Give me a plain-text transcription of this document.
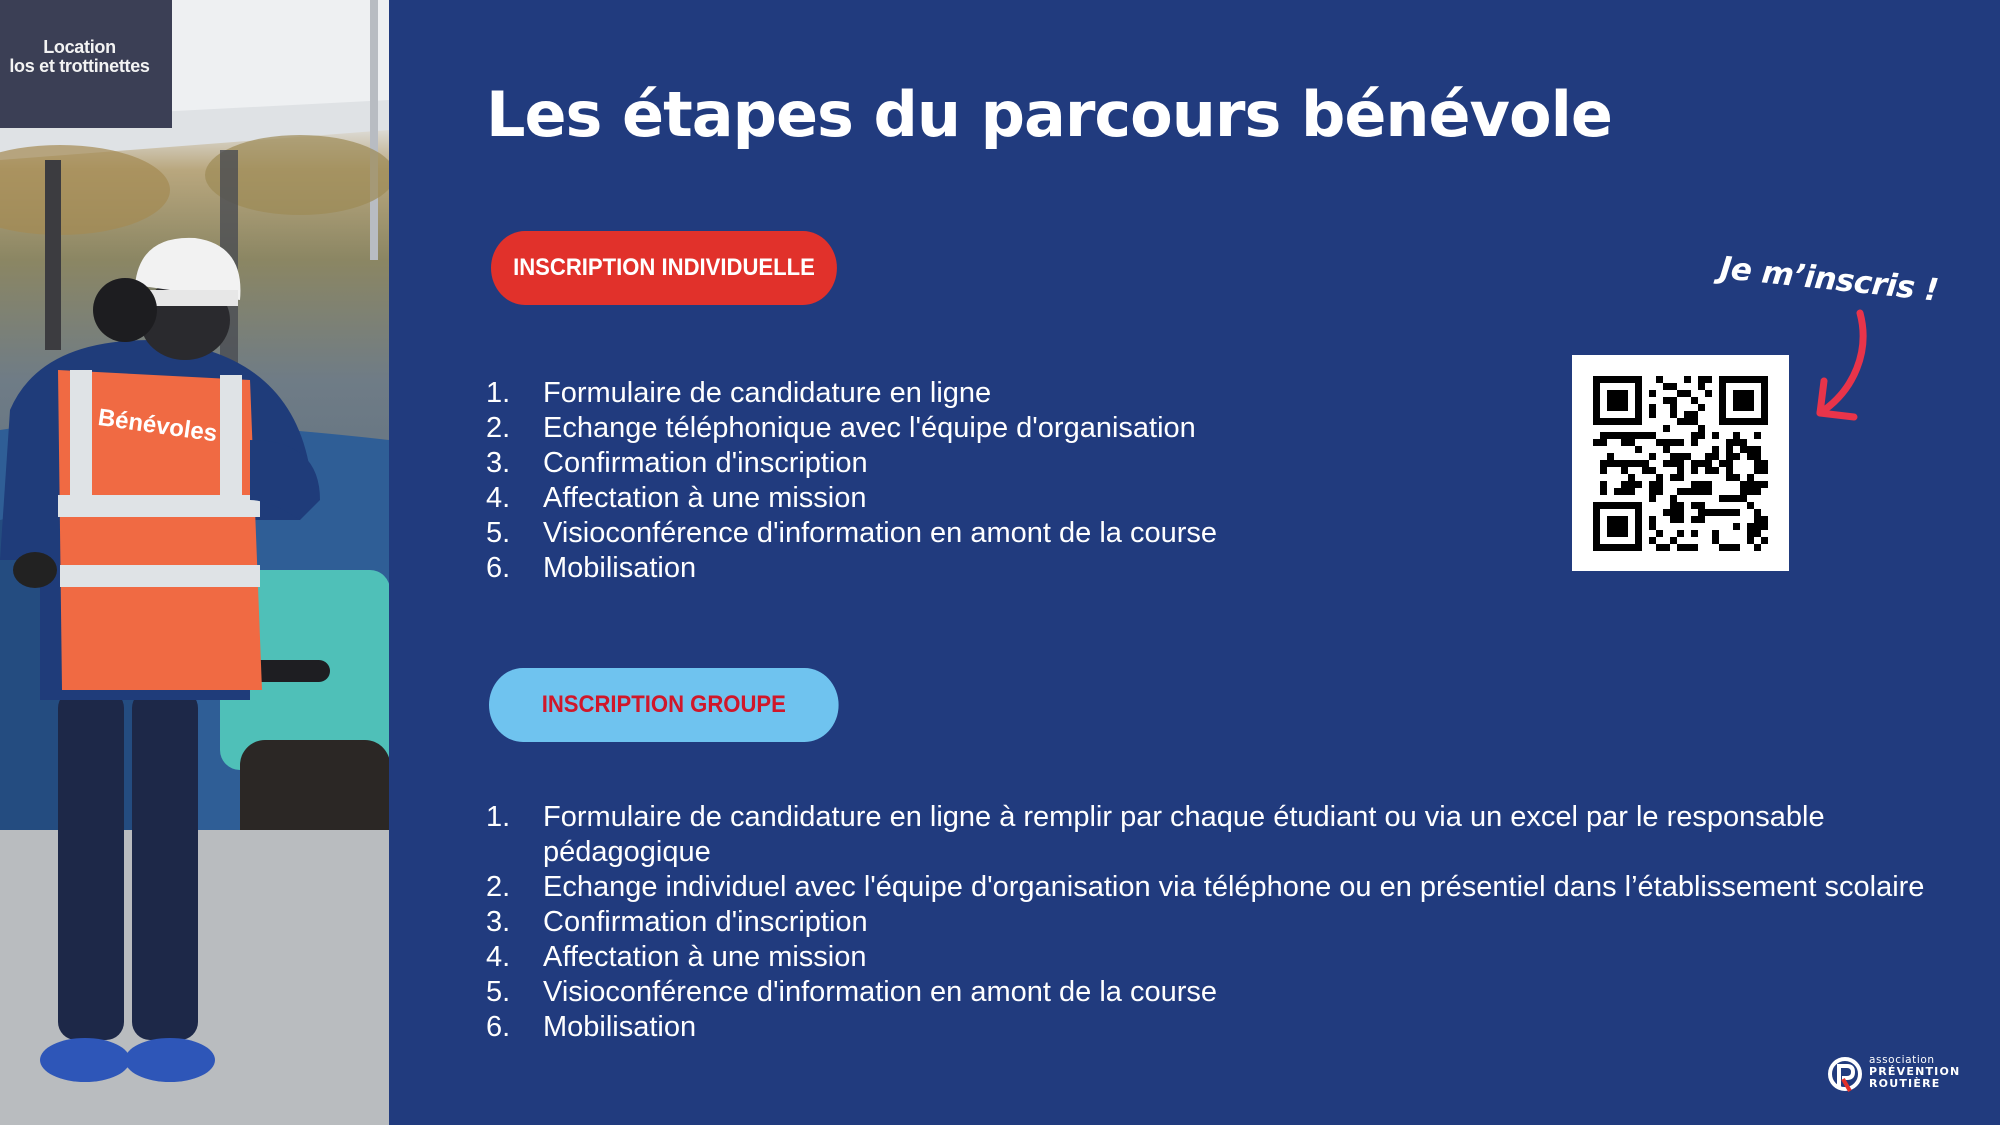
Location
los et trottinettes
Bénévoles
Les étapes du parcours bénévole
INSCRIPTION INDIVIDUELLE
1.	Formulaire de candidature en ligne
2.	Echange téléphonique avec l'équipe d'organisation
3.	Confirmation d'inscription
4.	Affectation à une mission
5.	Visioconférence d'information en amont de la course
6.	Mobilisation
INSCRIPTION GROUPE
1.	Formulaire de candidature en ligne à remplir par chaque étudiant ou via un excel par le responsable pédagogique
2.	Echange individuel avec l'équipe d'organisation via téléphone ou en présentiel dans l’établissement scolaire
3.	Confirmation d'inscription
4.	Affectation à une mission
5.	Visioconférence d'information en amont de la course
6.	Mobilisation
Je m’inscris !
association
PRÉVENTION
ROUTIÈRE
